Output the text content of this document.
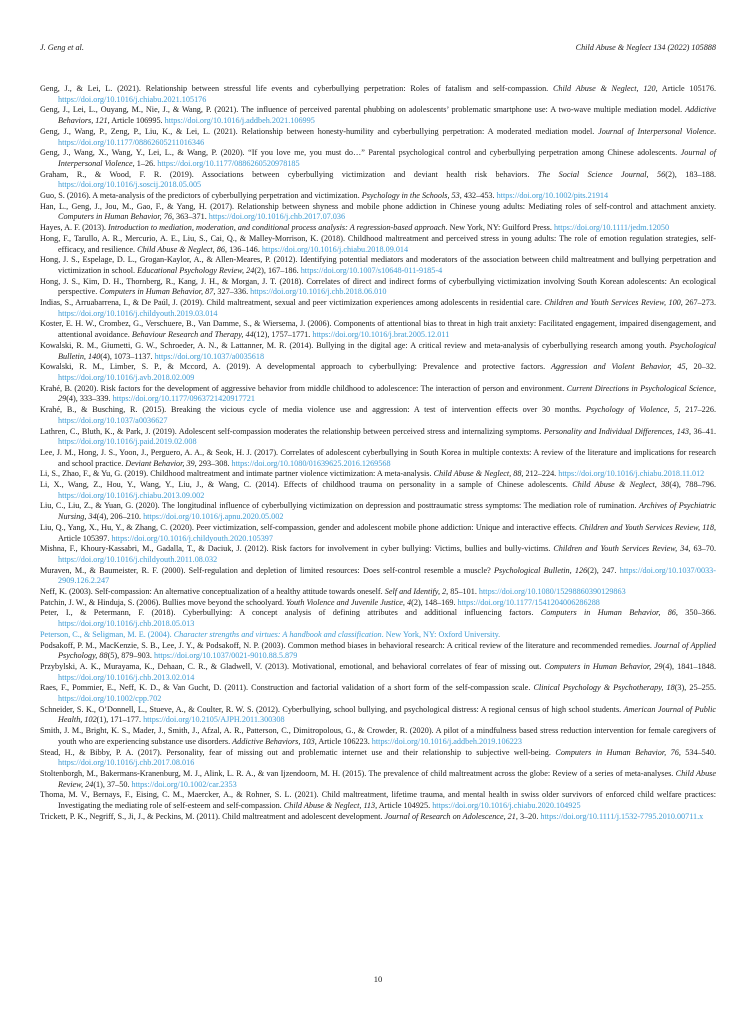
J. Geng et al.	Child Abuse & Neglect 134 (2022) 105888
Geng, J., & Lei, L. (2021). Relationship between stressful life events and cyberbullying perpetration: Roles of fatalism and self-compassion. Child Abuse & Neglect, 120, Article 105176. https://doi.org/10.1016/j.chiabu.2021.105176
Geng, J., Lei, L., Ouyang, M., Nie, J., & Wang, P. (2021). The influence of perceived parental phubbing on adolescents’ problematic smartphone use: A two-wave multiple mediation model. Addictive Behaviors, 121, Article 106995. https://doi.org/10.1016/j.addbeh.2021.106995
Geng, J., Wang, P., Zeng, P., Liu, K., & Lei, L. (2021). Relationship between honesty-humility and cyberbullying perpetration: A moderated mediation model. Journal of Interpersonal Violence. https://doi.org/10.1177/08862605211016346
Geng, J., Wang, X., Wang, Y., Lei, L., & Wang, P. (2020). “If you love me, you must do…” Parental psychological control and cyberbullying perpetration among Chinese adolescents. Journal of Interpersonal Violence, 1–26. https://doi.org/10.1177/0886260520978185
Graham, R., & Wood, F. R. (2019). Associations between cyberbullying victimization and deviant health risk behaviors. The Social Science Journal, 56(2), 183–188. https://doi.org/10.1016/j.soscij.2018.05.005
Guo, S. (2016). A meta-analysis of the predictors of cyberbullying perpetration and victimization. Psychology in the Schools, 53, 432–453. https://doi.org/10.1002/pits.21914
Han, L., Geng, J., Jou, M., Gao, F., & Yang, H. (2017). Relationship between shyness and mobile phone addiction in Chinese young adults: Mediating roles of self-control and attachment anxiety. Computers in Human Behavior, 76, 363–371. https://doi.org/10.1016/j.chb.2017.07.036
Hayes, A. F. (2013). Introduction to mediation, moderation, and conditional process analysis: A regression-based approach. New York, NY: Guilford Press. https://doi.org/10.1111/jedm.12050
Hong, F., Tarullo, A. R., Mercurio, A. E., Liu, S., Cai, Q., & Malley-Morrison, K. (2018). Childhood maltreatment and perceived stress in young adults: The role of emotion regulation strategies, self-efficacy, and resilience. Child Abuse & Neglect, 86, 136–146. https://doi.org/10.1016/j.chiabu.2018.09.014
Hong, J. S., Espelage, D. L., Grogan-Kaylor, A., & Allen-Meares, P. (2012). Identifying potential mediators and moderators of the association between child maltreatment and bullying perpetration and victimization in school. Educational Psychology Review, 24(2), 167–186. https://doi.org/10.1007/s10648-011-9185-4
Hong, J. S., Kim, D. H., Thornberg, R., Kang, J. H., & Morgan, J. T. (2018). Correlates of direct and indirect forms of cyberbullying victimization involving South Korean adolescents: An ecological perspective. Computers in Human Behavior, 87, 327–336. https://doi.org/10.1016/j.chb.2018.06.010
Indias, S., Arruabarrena, I., & De Paúl, J. (2019). Child maltreatment, sexual and peer victimization experiences among adolescents in residential care. Children and Youth Services Review, 100, 267–273. https://doi.org/10.1016/j.childyouth.2019.03.014
Koster, E. H. W., Crombez, G., Verschuere, B., Van Damme, S., & Wiersema, J. (2006). Components of attentional bias to threat in high trait anxiety: Facilitated engagement, impaired disengagement, and attentional avoidance. Behaviour Research and Therapy, 44(12), 1757–1771. https://doi.org/10.1016/j.brat.2005.12.011
Kowalski, R. M., Giumetti, G. W., Schroeder, A. N., & Lattanner, M. R. (2014). Bullying in the digital age: A critical review and meta-analysis of cyberbullying research among youth. Psychological Bulletin, 140(4), 1073–1137. https://doi.org/10.1037/a0035618
Kowalski, R. M., Limber, S. P., & Mccord, A. (2019). A developmental approach to cyberbullying: Prevalence and protective factors. Aggression and Violent Behavior, 45, 20–32. https://doi.org/10.1016/j.avb.2018.02.009
Krahé, B. (2020). Risk factors for the development of aggressive behavior from middle childhood to adolescence: The interaction of person and environment. Current Directions in Psychological Science, 29(4), 333–339. https://doi.org/10.1177/0963721420917721
Krahé, B., & Busching, R. (2015). Breaking the vicious cycle of media violence use and aggression: A test of intervention effects over 30 months. Psychology of Violence, 5, 217–226. https://doi.org/10.1037/a0036627
Lathren, C., Bluth, K., & Park, J. (2019). Adolescent self-compassion moderates the relationship between perceived stress and internalizing symptoms. Personality and Individual Differences, 143, 36–41. https://doi.org/10.1016/j.paid.2019.02.008
Lee, J. M., Hong, J. S., Yoon, J., Perguero, A. A., & Seok, H. J. (2017). Correlates of adolescent cyberbullying in South Korea in multiple contexts: A review of the literature and implications for research and school practice. Deviant Behavior, 39, 293–308. https://doi.org/10.1080/01639625.2016.1269568
Li, S., Zhao, F., & Yu, G. (2019). Childhood maltreatment and intimate partner violence victimization: A meta-analysis. Child Abuse & Neglect, 88, 212–224. https://doi.org/10.1016/j.chiabu.2018.11.012
Li, X., Wang, Z., Hou, Y., Wang, Y., Liu, J., & Wang, C. (2014). Effects of childhood trauma on personality in a sample of Chinese adolescents. Child Abuse & Neglect, 38(4), 788–796. https://doi.org/10.1016/j.chiabu.2013.09.002
Liu, C., Liu, Z., & Yuan, G. (2020). The longitudinal influence of cyberbullying victimization on depression and posttraumatic stress symptoms: The mediation role of rumination. Archives of Psychiatric Nursing, 34(4), 206–210. https://doi.org/10.1016/j.apnu.2020.05.002
Liu, Q., Yang, X., Hu, Y., & Zhang, C. (2020). Peer victimization, self-compassion, gender and adolescent mobile phone addiction: Unique and interactive effects. Children and Youth Services Review, 118, Article 105397. https://doi.org/10.1016/j.childyouth.2020.105397
Mishna, F., Khoury-Kassabri, M., Gadalla, T., & Daciuk, J. (2012). Risk factors for involvement in cyber bullying: Victims, bullies and bully-victims. Children and Youth Services Review, 34, 63–70. https://doi.org/10.1016/j.childyouth.2011.08.032
Muraven, M., & Baumeister, R. F. (2000). Self-regulation and depletion of limited resources: Does self-control resemble a muscle? Psychological Bulletin, 126(2), 247. https://doi.org/10.1037/0033-2909.126.2.247
Neff, K. (2003). Self-compassion: An alternative conceptualization of a healthy attitude towards oneself. Self and Identify, 2, 85–101. https://doi.org/10.1080/15298860390129863
Patchin, J. W., & Hinduja, S. (2006). Bullies move beyond the schoolyard. Youth Violence and Juvenile Justice, 4(2), 148–169. https://doi.org/10.1177/1541204006286288
Peter, I., & Petermann, F. (2018). Cyberbullying: A concept analysis of defining attributes and additional influencing factors. Computers in Human Behavior, 86, 350–366. https://doi.org/10.1016/j.chb.2018.05.013
Peterson, C., & Seligman, M. E. (2004). Character strengths and virtues: A handbook and classification. New York, NY: Oxford University.
Podsakoff, P. M., MacKenzie, S. B., Lee, J. Y., & Podsakoff, N. P. (2003). Common method biases in behavioral research: A critical review of the literature and recommended remedies. Journal of Applied Psychology, 88(5), 879–903. https://doi.org/10.1037/0021-9010.88.5.879
Przybylski, A. K., Murayama, K., Dehaan, C. R., & Gladwell, V. (2013). Motivational, emotional, and behavioral correlates of fear of missing out. Computers in Human Behavior, 29(4), 1841–1848. https://doi.org/10.1016/j.chb.2013.02.014
Raes, F., Pommier, E., Neff, K. D., & Van Gucht, D. (2011). Construction and factorial validation of a short form of the self-compassion scale. Clinical Psychology & Psychotherapy, 18(3), 25–255. https://doi.org/10.1002/cpp.702
Schneider, S. K., O’Donnell, L., Stueve, A., & Coulter, R. W. S. (2012). Cyberbullying, school bullying, and psychological distress: A regional census of high school students. American Journal of Public Health, 102(1), 171–177. https://doi.org/10.2105/AJPH.2011.300308
Smith, J. M., Bright, K. S., Mader, J., Smith, J., Afzal, A. R., Patterson, C., Dimitropolous, G., & Crowder, R. (2020). A pilot of a mindfulness based stress reduction intervention for female caregivers of youth who are experiencing substance use disorders. Addictive Behaviors, 103, Article 106223. https://doi.org/10.1016/j.addbeh.2019.106223
Stead, H., & Bibby, P. A. (2017). Personality, fear of missing out and problematic internet use and their relationship to subjective well-being. Computers in Human Behavior, 76, 534–540. https://doi.org/10.1016/j.chb.2017.08.016
Stoltenborgh, M., Bakermans-Kranenburg, M. J., Alink, L. R. A., & van Ijzendoorn, M. H. (2015). The prevalence of child maltreatment across the globe: Review of a series of meta-analyses. Child Abuse Review, 24(1), 37–50. https://doi.org/10.1002/car.2353
Thoma, M. V., Bernays, F., Eising, C. M., Maercker, A., & Rohner, S. L. (2021). Child maltreatment, lifetime trauma, and mental health in swiss older survivors of enforced child welfare practices: Investigating the mediating role of self-esteem and self-compassion. Child Abuse & Neglect, 113, Article 104925. https://doi.org/10.1016/j.chiabu.2020.104925
Trickett, P. K., Negriff, S., Ji, J., & Peckins, M. (2011). Child maltreatment and adolescent development. Journal of Research on Adolescence, 21, 3–20. https://doi.org/10.1111/j.1532-7795.2010.00711.x
10
